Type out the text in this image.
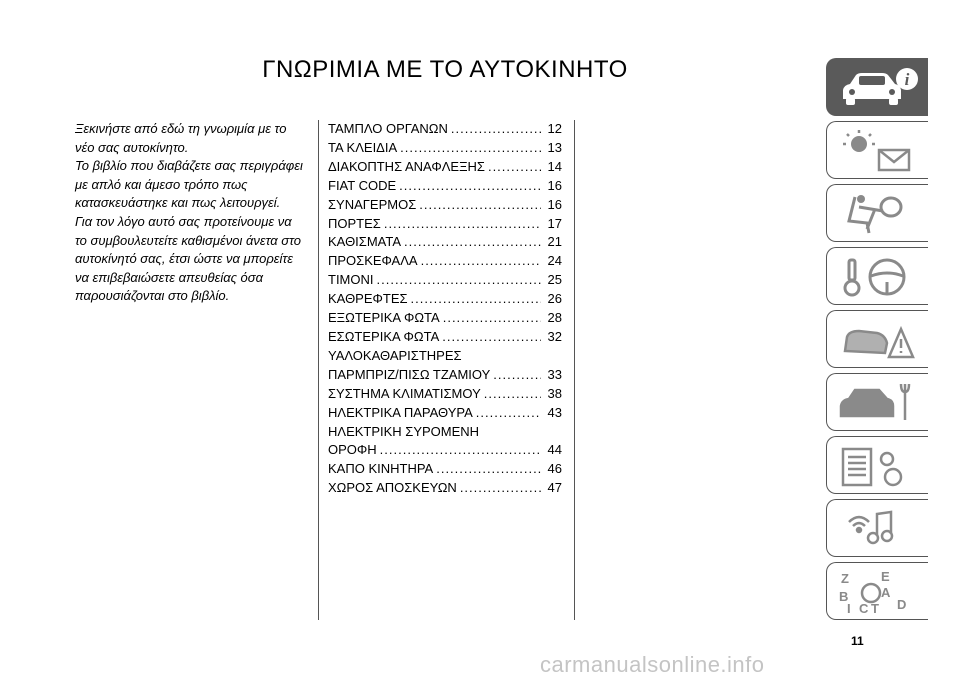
ΓΝΩΡΙΜΙΑ ΜΕ ΤΟ ΑΥΤΟΚΙΝΗΤΟ

Ξεκινήστε από εδώ τη γνωριμία με το νέο σας αυτοκίνητο.

Το βιβλίο που διαβάζετε σας περιγράφει με απλό και άμεσο τρόπο πως κατασκευάστηκε και πως λειτουργεί.

Για τον λόγο αυτό σας προτείνουμε να το συμβουλευτείτε καθισμένοι άνετα στο αυτοκίνητό σας, έτσι ώστε να μπορείτε να επιβεβαιώσετε απευθείας όσα παρουσιάζονται στο βιβλίο.

ΤΑΜΠΛΟ ΟΡΓΑΝΩΝ .....	12
ΤΑ ΚΛΕΙΔΙΑ .....	13
ΔΙΑΚΟΠΤΗΣ ΑΝΑΦΛΕΞΗΣ .....	14
FIAT CODE .....	16
ΣΥΝΑΓΕΡΜΟΣ .....	16
ΠΟΡΤΕΣ .....	17
ΚΑΘΙΣΜΑΤΑ .....	21
ΠΡΟΣΚΕΦΑΛΑ .....	24
ΤΙΜΟΝΙ .....	25
ΚΑΘΡΕΦΤΕΣ .....	26
ΕΞΩΤΕΡΙΚΑ ΦΩΤΑ .....	28
ΕΣΩΤΕΡΙΚΑ ΦΩΤΑ .....	32
ΥΑΛΟΚΑΘΑΡΙΣΤΗΡΕΣ
ΠΑΡΜΠΡΙΖ/ΠΙΣΩ ΤΖΑΜΙΟΥ .....	33
ΣΥΣΤΗΜΑ ΚΛΙΜΑΤΙΣΜΟΥ .....	38
ΗΛΕΚΤΡΙΚΑ ΠΑΡΑΘΥΡΑ .....	43
ΗΛΕΚΤΡΙΚΗ ΣΥΡΟΜΕΝΗ
ΟΡΟΦΗ .....	44
ΚΑΠΟ ΚΙΝΗΤΗΡΑ .....	46
ΧΩΡΟΣ ΑΠΟΣΚΕΥΩΝ .....	47
i
Z E
B	A
I C T D
11
carmanualsonline.info
